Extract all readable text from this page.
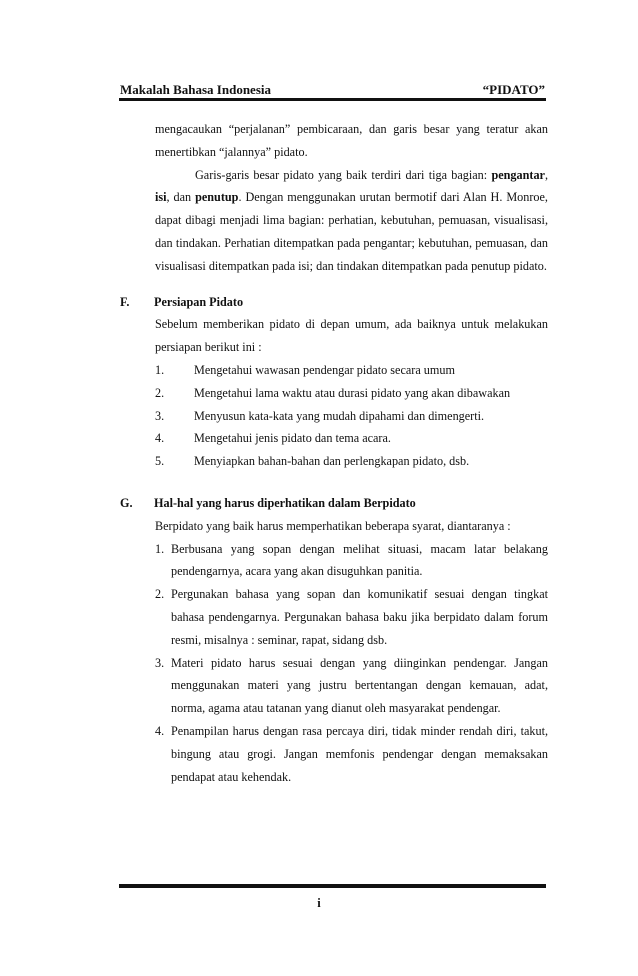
Makalah Bahasa Indonesia	“PIDATO”

mengacaukan “perjalanan” pembicaraan, dan garis besar yang teratur akan menertibkan “jalannya” pidato.

Garis-garis besar pidato yang baik terdiri dari tiga bagian: pengantar, isi, dan penutup. Dengan menggunakan urutan bermotif dari Alan H. Monroe, dapat dibagi menjadi lima bagian: perhatian, kebutuhan, pemuasan, visualisasi, dan tindakan. Perhatian ditempatkan pada pengantar; kebutuhan, pemuasan, dan visualisasi ditempatkan pada isi; dan tindakan ditempatkan pada penutup pidato.

F. Persiapan Pidato

Sebelum memberikan pidato di depan umum, ada baiknya untuk melakukan persiapan berikut ini :

1. Mengetahui wawasan pendengar pidato secara umum
2. Mengetahui lama waktu atau durasi pidato yang akan dibawakan
3. Menyusun kata-kata yang mudah dipahami dan dimengerti.
4. Mengetahui jenis pidato dan tema acara.
5. Menyiapkan bahan-bahan dan perlengkapan pidato, dsb.
G. Hal-hal yang harus diperhatikan dalam Berpidato

Berpidato yang baik harus memperhatikan beberapa syarat, diantaranya :

1. Berbusana yang sopan dengan melihat situasi, macam latar belakang pendengarnya, acara yang akan disuguhkan panitia.
2. Pergunakan bahasa yang sopan dan komunikatif sesuai dengan tingkat bahasa pendengarnya. Pergunakan bahasa baku jika berpidato dalam forum resmi, misalnya : seminar, rapat, sidang dsb.
3. Materi pidato harus sesuai dengan yang diinginkan pendengar. Jangan menggunakan materi yang justru bertentangan dengan kemauan, adat, norma, agama atau tatanan yang dianut oleh masyarakat pendengar.
4. Penampilan harus dengan rasa percaya diri, tidak minder rendah diri, takut, bingung atau grogi. Jangan memfonis pendengar dengan memaksakan pendapat atau kehendak.
i
